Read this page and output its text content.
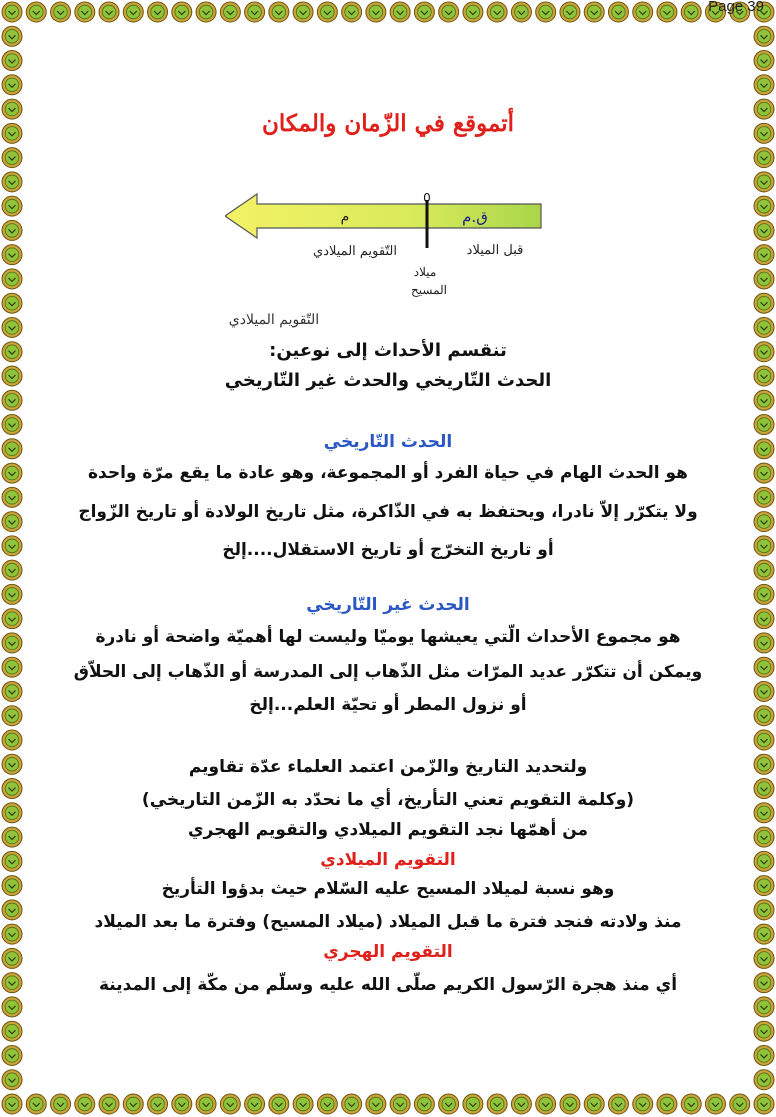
Page 39
أتموقع في الزّمان والمكان
الحدث التّاريخي
هو الحدث الهام في حياة الفرد أو المجموعة، وهو عادة ما يقع مرّة واحدة
ولا يتكرّر إلاّ نادرا، ويحتفظ به في الذّاكرة، مثل تاريخ الولادة أو تاريخ الزّواج
أو تاريخ التخرّج أو تاريخ الاستقلال....إلخ
الحدث غير التّاريخي
هو مجموع الأحداث الّتي يعيشها يوميّا وليست لها أهميّة واضحة أو نادرة
ويمكن أن تتكرّر عديد المرّات مثل الذّهاب إلى المدرسة أو الذّهاب إلى الحلاّق
أو نزول المطر أو تحيّة العلم...إلخ
ولتحديد التاريخ والزّمن اعتمد العلماء عدّة تقاويم
(وكلمة التقويم تعني التأريخ، أي ما نحدّد به الزّمن التاريخي)
من أهمّها نجد التقويم الميلادي والتقويم الهجري
التقويم الميلادي
وهو نسبة لميلاد المسيح عليه السّلام حيث بدؤوا التأريخ
منذ ولادته فنجد فترة ما قبل الميلاد (ميلاد المسيح) وفترة ما بعد الميلاد
التقويم الهجري
أي منذ هجرة الرّسول الكريم صلّى الله عليه وسلّم من مكّة إلى المدينة
تنقسم الأحداث إلى نوعين:
الحدث التّاريخي والحدث غير التّاريخي
0
م	ق.م
التّقويم الميلادي	قبل الميلاد
ميلاد
المسيح
التّقويم الميلادي
